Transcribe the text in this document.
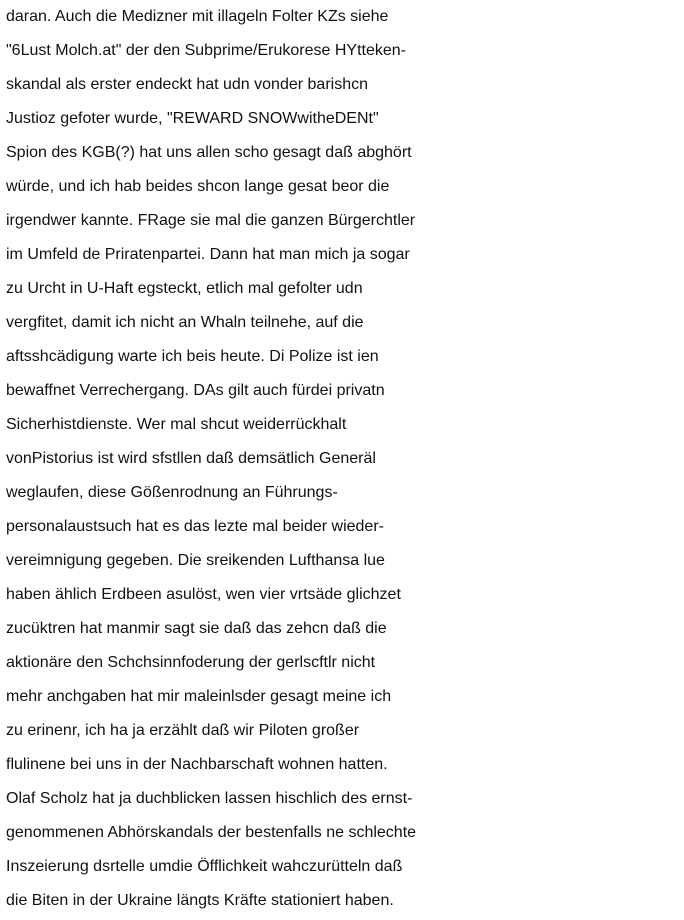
daran. Auch die Medizner mit illageln Folter KZs siehe
"6Lust Molch.at" der den Subprime/Erukorese HYtteken-
skandal als erster endeckt hat udn vonder barishcn
Justioz gefoter wurde, "REWARD SNOWwitheDENt"
Spion des KGB(?) hat uns allen scho gesagt daß abghört
würde, und ich hab beides shcon lange gesat beor die
irgendwer kannte. FRage sie mal die ganzen Bürgerchtler
im Umfeld de Priratenpartei. Dann hat man mich ja sogar
zu Urcht in U-Haft egsteckt, etlich mal gefolter udn
vergfitet, damit ich nicht an Whaln teilnehe, auf die
aftsshcädigung warte ich beis heute. Di Polize ist ien
bewaffnet Verrechergang. DAs gilt auch fürdei privatn
Sicherhistdienste. Wer mal shcut weiderrückhalt
vonPistorius ist wird sfstllen daß demsätlich Generäl
weglaufen, diese Gößenrodnung an Führungs-
personalaustsuch hat es das lezte mal beider wieder-
vereimnigung gegeben. Die sreikenden Lufthansa lue
haben ählich Erdbeen asulöst, wen vier vrtsäde glichzet
zucüktren hat manmir sagt sie daß das zehcn daß die
aktionäre den Schchsinnfoderung der gerlscftlr nicht
mehr anchgaben hat mir maleinlsder gesagt meine ich
zu erinenr, ich ha ja erzählt daß wir Piloten großer
flulinene bei uns in der Nachbarschaft wohnen hatten.
Olaf Scholz hat ja duchblicken lassen hischlich des ernst-
genommenen Abhörskandals der bestenfalls ne schlechte
Inszeierung dsrtelle umdie Öfflichkeit wahczurütteln daß
die Biten in der Ukraine längts Kräfte stationiert haben.
